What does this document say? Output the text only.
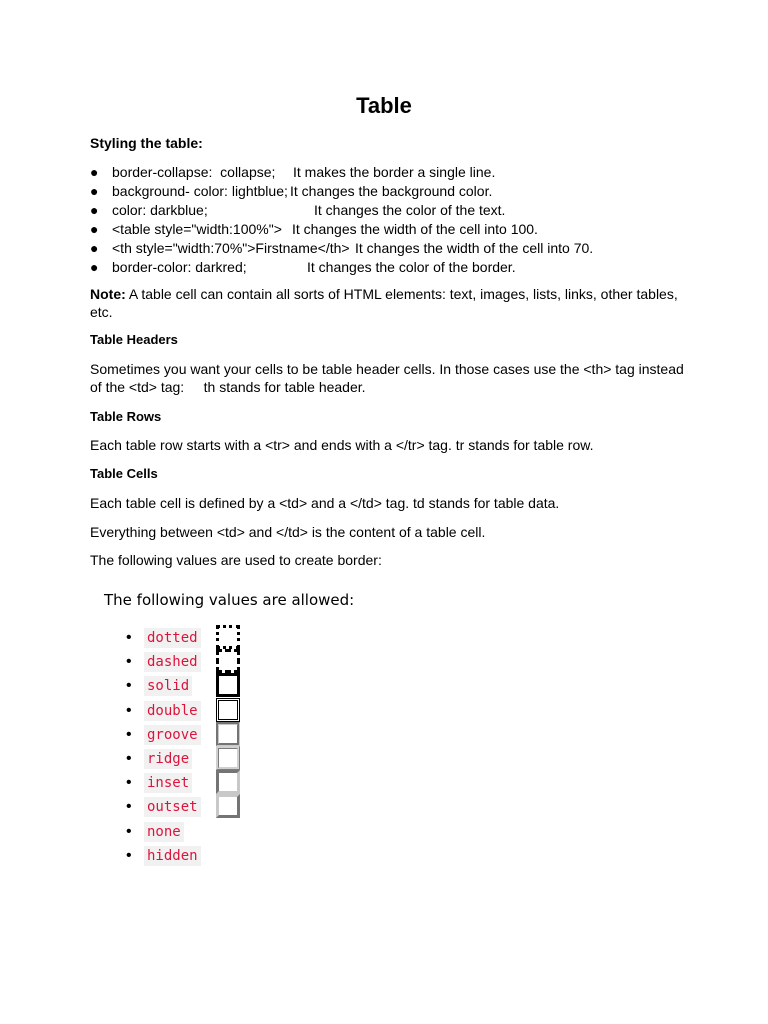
Table
Styling the table:

●

border-collapse:  collapse;

It makes the border a single line.

●

background- color: lightblue;

It changes the background color.

●

color: darkblue;

	It changes the color of the text.

●

<table style="width:100%">

It changes the width of the cell into 100.

●

<th style="width:70%">Firstname</th>

It changes the width of the cell into 70.

●

border-color: darkred;

	It changes the color of the border.

Note: A table cell can contain all sorts of HTML elements: text, images, lists, links, other tables, etc.
Table Headers
Sometimes you want your cells to be table header cells. In those cases use the <th> tag instead of the <td> tag:     th stands for table header.
Table Rows
Each table row starts with a <tr> and ends with a </tr> tag. tr stands for table row.
Table Cells
Each table cell is defined by a <td> and a </td> tag. td stands for table data.
Everything between <td> and </td> is the content of a table cell.
The following values are used to create border:
The following values are allowed:
• dotted
• dashed
• solid
• double
• groove
• ridge
• inset
• outset
• none
• hidden
